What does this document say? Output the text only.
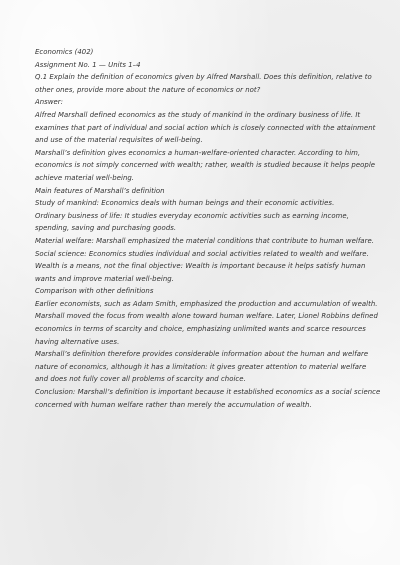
Economics (402)
Assignment No. 1 — Units 1–4
Q.1 Explain the definition of economics given by Alfred Marshall. Does this definition, relative to
other ones, provide more about the nature of economics or not?
Answer:
Alfred Marshall defined economics as the study of mankind in the ordinary business of life. It
examines that part of individual and social action which is closely connected with the attainment
and use of the material requisites of well-being.
Marshall’s definition gives economics a human-welfare-oriented character. According to him,
economics is not simply concerned with wealth; rather, wealth is studied because it helps people
achieve material well-being.
Main features of Marshall’s definition
Study of mankind: Economics deals with human beings and their economic activities.
Ordinary business of life: It studies everyday economic activities such as earning income,
spending, saving and purchasing goods.
Material welfare: Marshall emphasized the material conditions that contribute to human welfare.
Social science: Economics studies individual and social activities related to wealth and welfare.
Wealth is a means, not the final objective: Wealth is important because it helps satisfy human
wants and improve material well-being.
Comparison with other definitions
Earlier economists, such as Adam Smith, emphasized the production and accumulation of wealth.
Marshall moved the focus from wealth alone toward human welfare. Later, Lionel Robbins defined
economics in terms of scarcity and choice, emphasizing unlimited wants and scarce resources
having alternative uses.
Marshall’s definition therefore provides considerable information about the human and welfare
nature of economics, although it has a limitation: it gives greater attention to material welfare
and does not fully cover all problems of scarcity and choice.
Conclusion: Marshall’s definition is important because it established economics as a social science
concerned with human welfare rather than merely the accumulation of wealth.
